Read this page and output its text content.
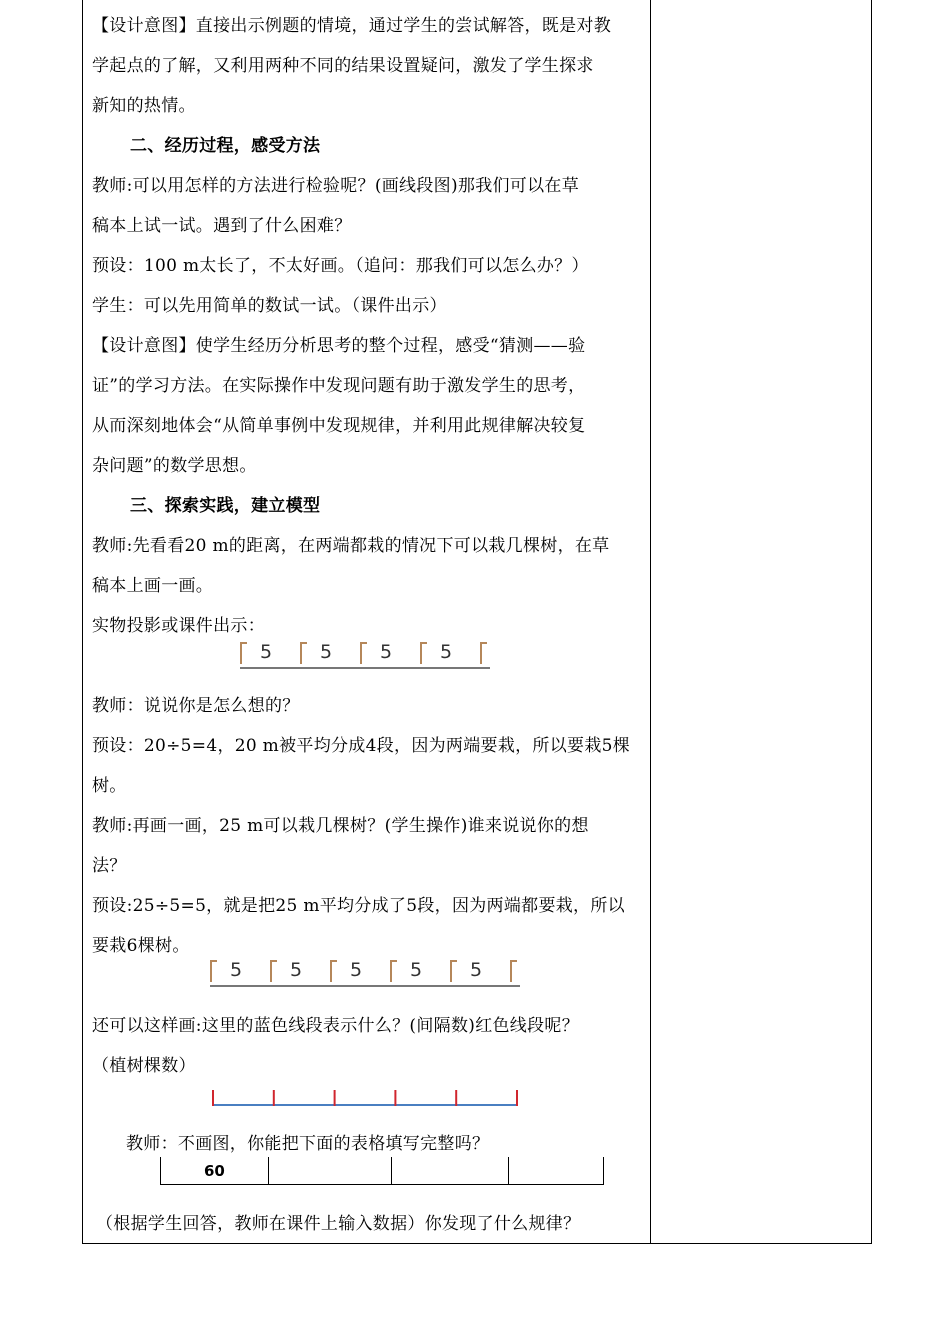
【设计意图】直接出示例题的情境，通过学生的尝试解答，既是对教
学起点的了解，又利用两种不同的结果设置疑问，激发了学生探求
新知的热情。
二、经历过程，感受方法
教师:可以用怎样的方法进行检验呢？(画线段图)那我们可以在草
稿本上试一试。遇到了什么困难？
预设：100 m太长了，不太好画。（追问：那我们可以怎么办？）
学生：可以先用简单的数试一试。（课件出示）
【设计意图】使学生经历分析思考的整个过程，感受“猜测——验
证”的学习方法。在实际操作中发现问题有助于激发学生的思考，
从而深刻地体会“从简单事例中发现规律，并利用此规律解决较复
杂问题”的数学思想。
三、探索实践，建立模型
教师:先看看20 m的距离，在两端都栽的情况下可以栽几棵树，在草
稿本上画一画。
实物投影或课件出示：
5	5	5	5
教师：说说你是怎么想的？
预设：20÷5=4，20 m被平均分成4段，因为两端要栽，所以要栽5棵
树。
教师:再画一画，25 m可以栽几棵树？(学生操作)谁来说说你的想
法？
预设:25÷5=5，就是把25 m平均分成了5段，因为两端都要栽，所以
要栽6棵树。
5	5	5	5	5
还可以这样画:这里的蓝色线段表示什么？(间隔数)红色线段呢？
（植树棵数）
教师：不画图，你能把下面的表格填写完整吗？
60
（根据学生回答，教师在课件上输入数据）你发现了什么规律？
